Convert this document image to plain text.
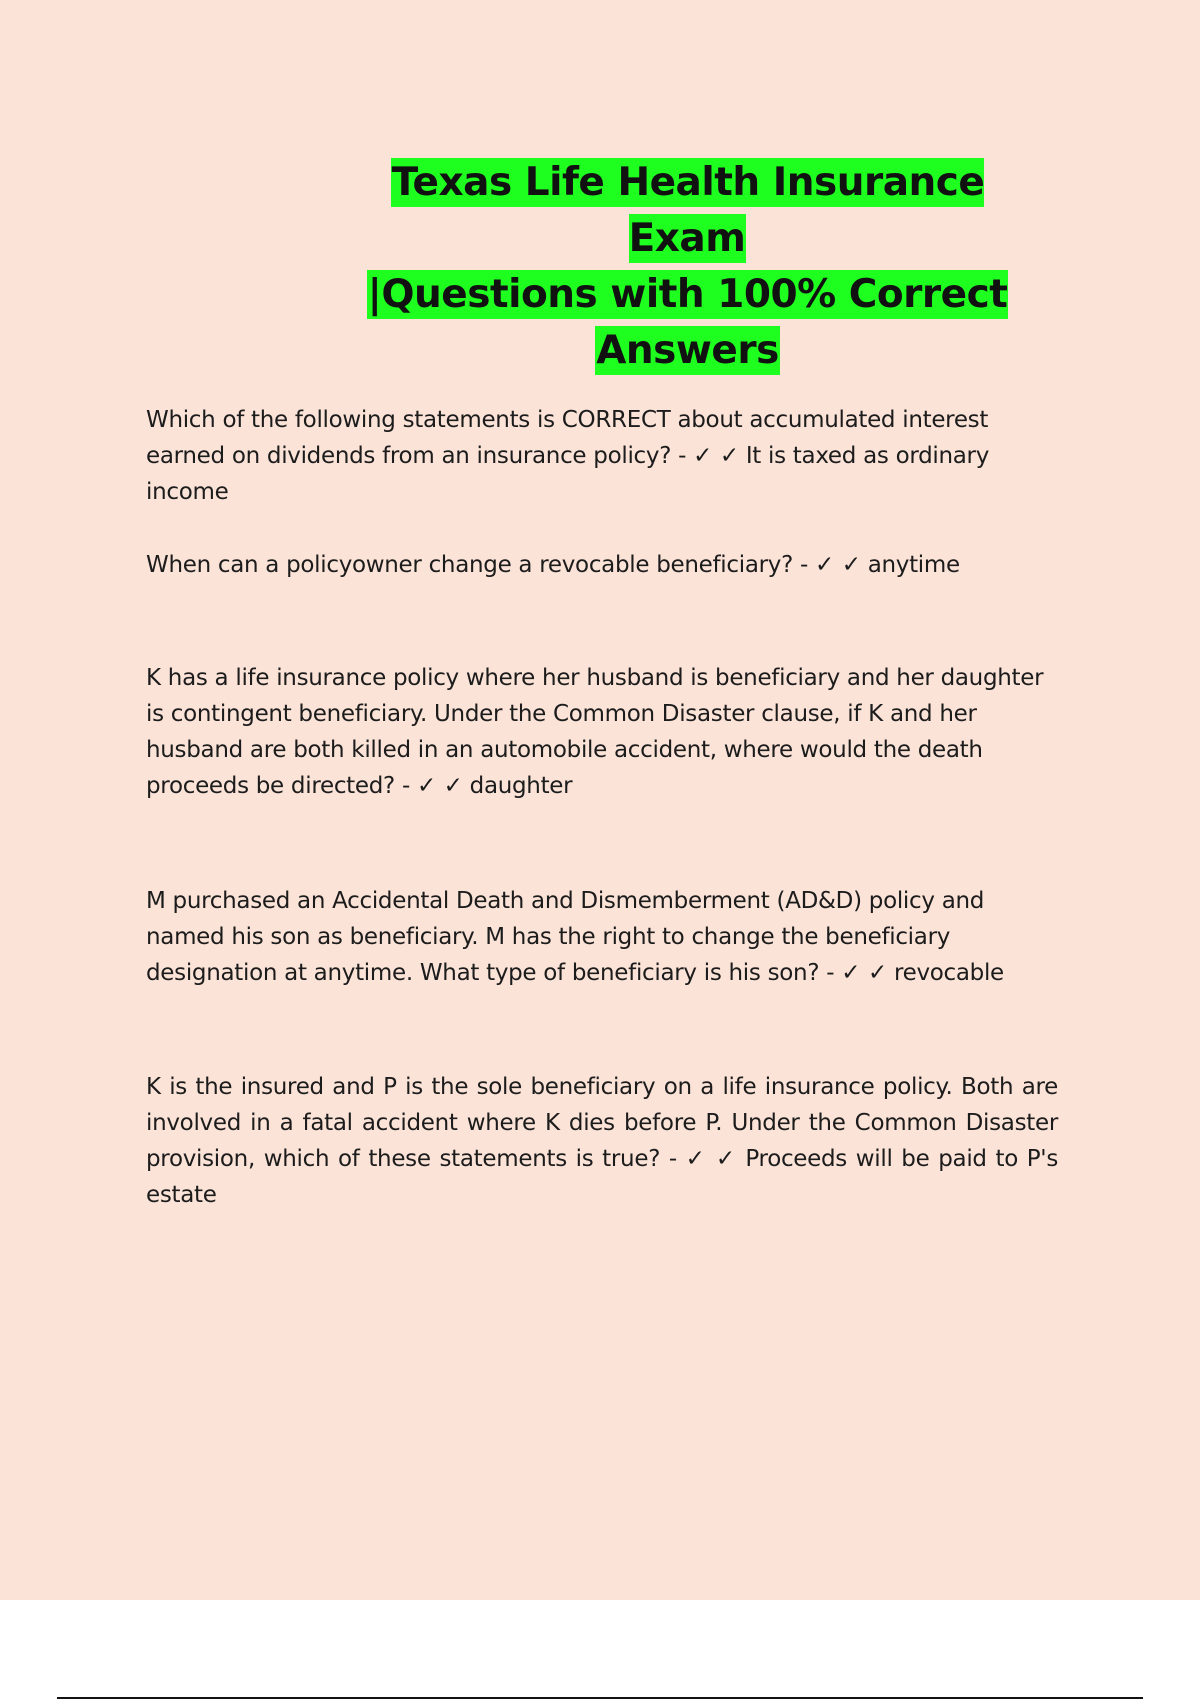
Texas Life Health Insurance Exam
|Questions with 100% Correct
Answers
Which of the following statements is CORRECT about accumulated interest earned on dividends from an insurance policy? - ✓ ✓ It is taxed as ordinary income
When can a policyowner change a revocable beneficiary? - ✓ ✓ anytime
K has a life insurance policy where her husband is beneficiary and her daughter is contingent beneficiary. Under the Common Disaster clause, if K and her husband are both killed in an automobile accident, where would the death proceeds be directed? - ✓ ✓ daughter
M purchased an Accidental Death and Dismemberment (AD&D) policy and named his son as beneficiary. M has the right to change the beneficiary designation at anytime. What type of beneficiary is his son? - ✓ ✓ revocable
K is the insured and P is the sole beneficiary on a life insurance policy. Both are involved in a fatal accident where K dies before P. Under the Common Disaster provision, which of these statements is true? - ✓ ✓ Proceeds will be paid to P's estate
